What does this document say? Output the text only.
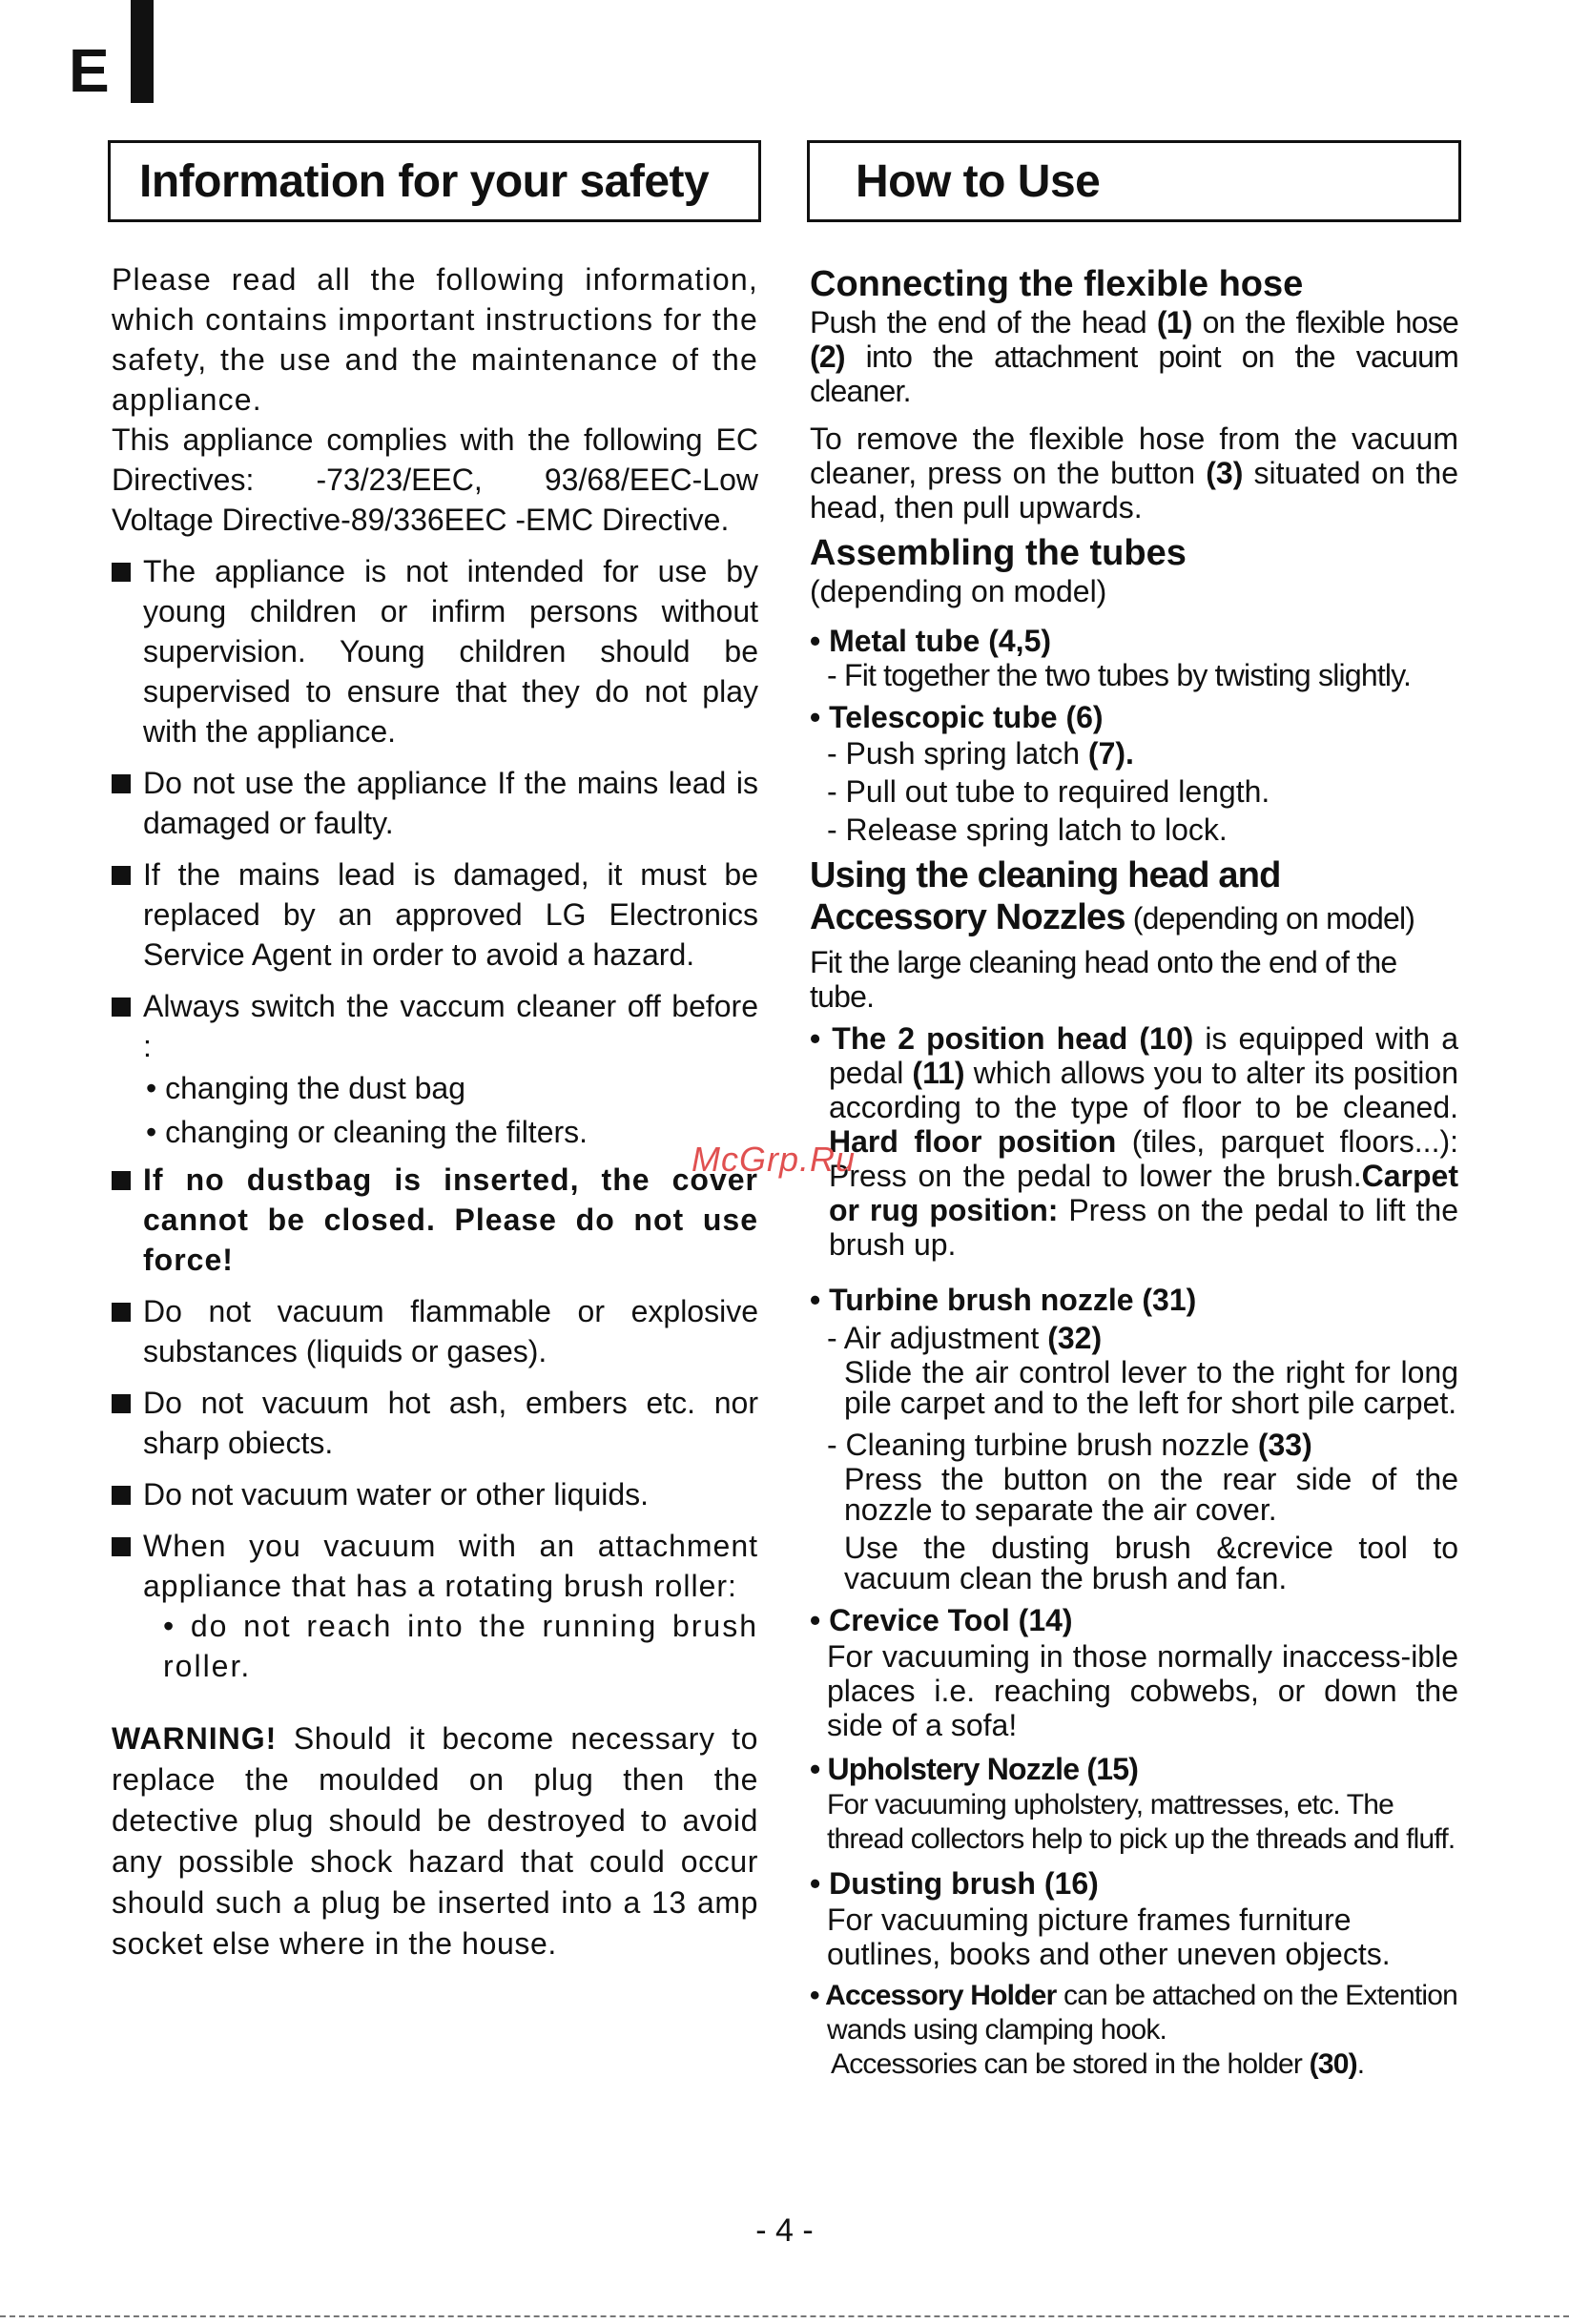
E
Information for your safety	How to Use

Please read all the following information, which contains important instructions for the safety, the use and the maintenance of the appliance.

This appliance complies with the following EC Directives: -73/23/EEC, 93/68/EEC-Low Voltage Directive-89/336EEC -EMC Directive.

The appliance is not intended for use by young children or infirm persons without supervision. Young children should be supervised to ensure that they do not play with the appliance.
Do not use the appliance If the mains lead is damaged or faulty.
If the mains lead is damaged, it must be replaced by an approved LG Electronics Service Agent in order to avoid a hazard.
Always switch the vaccum cleaner off before :

• changing the dust bag

• changing or cleaning the filters.

If no dustbag is inserted, the cover cannot be closed. Please do not use force!
Do not vacuum flammable or explosive substances (liquids or gases).
Do not vacuum hot ash, embers etc. nor sharp obiects.
Do not vacuum water or other liquids.
When you vacuum with an attachment appliance that has a rotating brush roller:

• do not reach into the running brush roller.

WARNING! Should it become necessary to replace the moulded on plug then the detective plug should be destroyed to avoid any possible shock hazard that could occur should such a plug be inserted into a 13 amp socket else where in the house.

Connecting the flexible hose

Push the end of the head (1) on the flexible hose (2) into the attachment point on the vacuum cleaner.

To remove the flexible hose from the vacuum cleaner, press on the button (3) situated on the head, then pull upwards.

Assembling the tubes

(depending on model)

• Metal tube (4,5)

- Fit together the two tubes by twisting slightly.

• Telescopic tube (6)

- Push spring latch (7).

- Pull out tube to required length.

- Release spring latch to lock.

Using the cleaning head and Accessory Nozzles (depending on model)

Fit the large cleaning head onto the end of the tube.

• The 2 position head (10) is equipped with a pedal (11) which allows you to alter its position according to the type of floor to be cleaned. Hard floor position (tiles, parquet floors...): Press on the pedal to lower the brush.Carpet or rug position: Press on the pedal to lift the brush up.

• Turbine brush nozzle (31)

- Air adjustment (32)

Slide the air control lever to the right for long pile carpet and to the left for short pile carpet.

- Cleaning turbine brush nozzle (33)

Press the button on the rear side of the nozzle to separate the air cover.

Use the dusting brush &crevice tool to vacuum clean the brush and fan.

• Crevice Tool (14)

For vacuuming in those normally inaccess-ible places i.e. reaching cobwebs, or down the side of a sofa!

• Upholstery Nozzle (15)

For vacuuming upholstery, mattresses, etc. The thread collectors help to pick up the threads and fluff.

• Dusting brush (16)

For vacuuming picture frames furniture outlines, books and other uneven objects.

• Accessory Holder can be attached on the Extention wands using clamping hook.

Accessories can be stored in the holder (30).

McGrp.Ru
- 4 -
